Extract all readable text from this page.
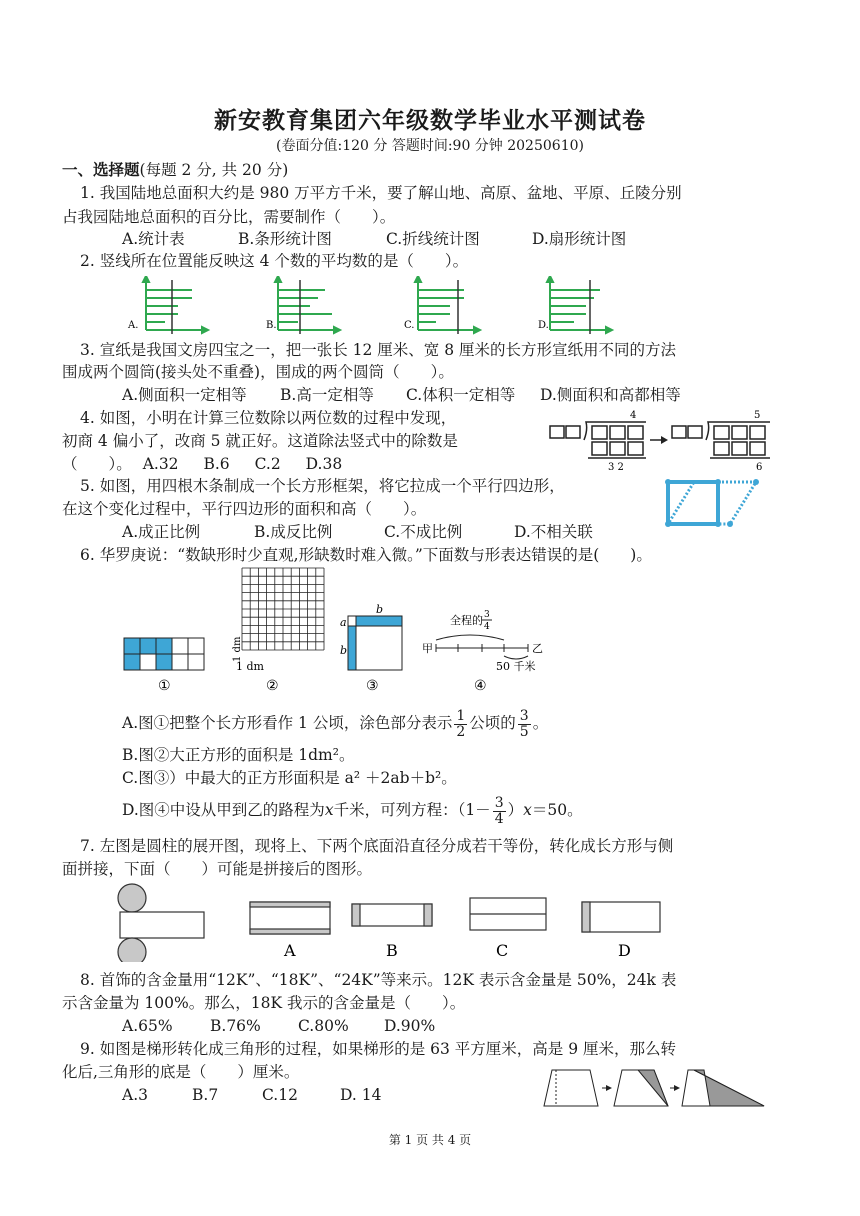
新安教育集团六年级数学毕业水平测试卷
(卷面分值:120 分 答题时间:90 分钟 20250610)
一、选择题(每题 2 分, 共 20 分)
1. 我国陆地总面积大约是 980 万平方千米，要了解山地、高原、盆地、平原、丘陵分别
占我园陆地总面积的百分比，需要制作（　　）。
A.统计表	B.条形统计图	C.折线统计图	D.扇形统计图
2. 竖线所在位置能反映这 4 个数的平均数的是（　　）。
A.	B.	C.	D.
3. 宣纸是我国文房四宝之一，把一张长 12 厘米、宽 8 厘米的长方形宣纸用不同的方法
围成两个圆筒(接头处不重叠)，围成的两个圆筒（　　）。
A.侧面积一定相等 B.高一定相等 C.体积一定相等 D.侧面积和高都相等
4. 如图，小明在计算三位数除以两位数的过程中发现，
初商 4 偏小了，改商 5 就正好。这道除法竖式中的除数是
（　　）。 A.32 B.6 C.2 D.38
4
3 2
5
6
5. 如图，用四根木条制成一个长方形框架，将它拉成一个平行四边形，
在这个变化过程中，平行四边形的面积和高（　　）。
A.成正比例	B.成反比例	C.不成比例	D.不相关联
6. 华罗庚说：“数缺形时少直观,形缺数时难入微。”下面数与形表达错误的是(　　)。
1 dm
1 dm
a
b
b
全程的 3
4
甲	乙
50 千米
①	②	③	④
A.图①把整个长方形看作 1 公顷，涂色部分表示 $\frac{1}{2}$ 公顷的 $\frac{3}{5}$ 。
B.图②大正方形的面积是 1dm²。
C.图③）中最大的正方形面积是 a² ＋2ab＋b²。
D.图④中设从甲到乙的路程为x千米，可列方程：$(1- \frac{3}{4} )x=50$。
7. 左图是圆柱的展开图，现将上、下两个底面沿直径分成若干等份，转化成长方形与侧
面拼接，下面（　　）可能是拼接后的图形。
A	B	C	D
8. 首饰的含金量用“12K”、“18K”、“24K”等来示。12K 表示含金量是 50%，24k 表
示含金量为 100%。那么，18K 我示的含金量是（　　）。
A.65% B.76% C.80% D.90%
9. 如图是梯形转化成三角形的过程，如果梯形的是 63 平方厘米，高是 9 厘米，那么转
化后,三角形的底是（　　）厘米。
A.3	B.7	C.12	D. 14
第 1 页 共 4 页
